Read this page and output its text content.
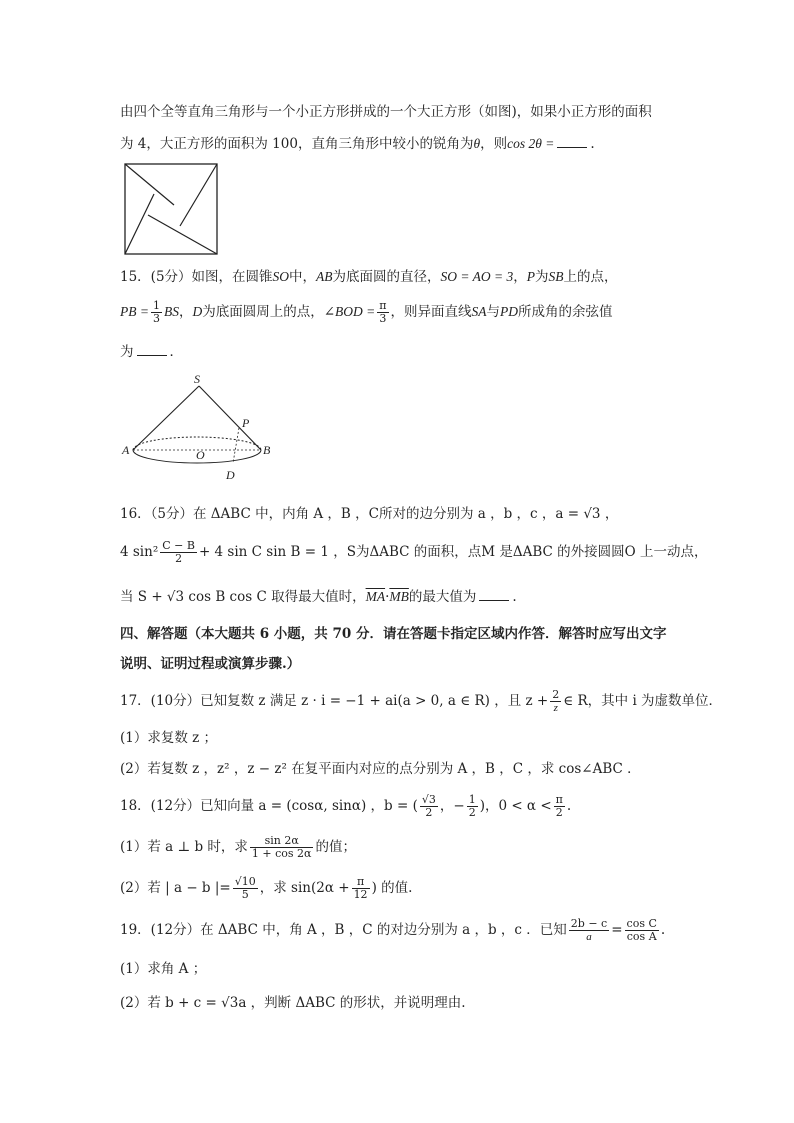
由四个全等直角三角形与一个小正方形拼成的一个大正方形（如图)，如果小正方形的面积
为 4，大正方形的面积为 100，直角三角形中较小的锐角为θ，则cos 2θ =	.
15．(5分）如图，在圆锥SO中，AB为底面圆的直径，SO = AO = 3，P为SB上的点，
PB = $\frac{1}{3}$ BS，D为底面圆周上的点，∠BOD = $\frac{\pi}{3}$ ，则异面直线SA与PD所成角的余弦值
为	．
S
P
A	O	B
D
16．（5分）在 ΔABC 中，内角 A ，B ，C所对的边分别为 a ，b ，c ，a = √3 ，
4 $\sin^2 \frac{C - B}{2} + 4$ sin C sin B = 1 ，S为ΔABC 的面积，点M 是ΔABC 的外接圆圆O 上一动点，
当 S + √3 cos B cos C 取得最大值时，$\overline{MA}\cdot\overline{MB}$的最大值为	.
四、解答题（本大题共 6 小题，共 70 分．请在答题卡指定区域内作答．解答时应写出文字
说明、证明过程或演算步骤.）
17．(10分）已知复数 z 满足 z · i = −1 + ai(a > 0, a ∈ R) ，且 $z + \frac{2}{z}$ ∈ R，其中 i 为虚数单位．
(1）求复数 z ；
(2）若复数 z ，z² ，z − z² 在复平面内对应的点分别为 A ，B ，C ，求 cos∠ABC ．
18．(12分）已知向量 a = (cosα, sinα) ，b = ( $\frac{√3}{2}$ ，− $\frac{1}{2}$ )，$0 < \alpha < \frac{\pi}{2}$ .
(1）若 a ⊥ b 时，求 $\frac{\sin 2\alpha}{1 + \cos 2\alpha}$ 的值；
(2）若 | a − b |= $\frac{√10}{5}$ ，求 $\sin(2\alpha + \frac{\pi}{12}$ ) 的值.
19．(12分）在 ΔABC 中，角 A ，B ，C 的对边分别为 a ，b ，c ．已知 $\frac{2b - c}{a} = \frac{\text{cos C}}{\text{cos A}}$ .
(1）求角 A ；
(2）若 b + c = √3a ，判断 ΔABC 的形状，并说明理由.
